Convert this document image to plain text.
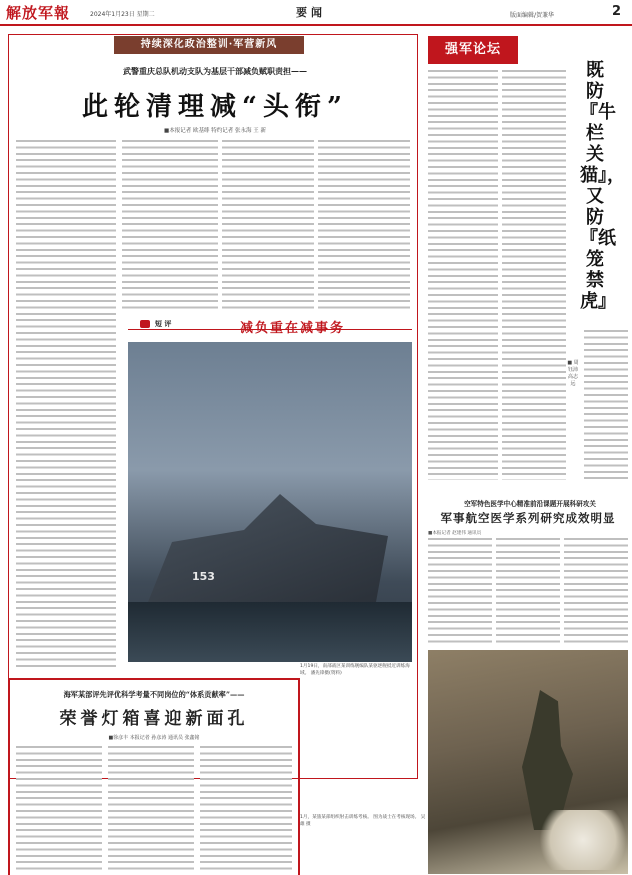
解放军報	2024年1月23日 星期二	要闻	版面编辑/贺兼华	2
持续深化政治整训·军营新风
武警重庆总队机动支队为基层干部减负赋职责担——
此轮清理减“头衔”
■本报记者 欧基绯 特约记者 张永海 王 新
短 评	减负重在减事务
153
1月19日，南部战区某训练舰编队某驱逐舰抵近训练海域。 潘先锋摄(资料)
海军某部评先评优科学考量不同岗位的“体系贡献率”——
荣誉灯箱喜迎新面孔
■徐彦丰 本报记者 孙彦涛 通讯员 张鑫铭
强军论坛
既防『牛栏关猫』，又防『纸笼禁虎』
■ 周钰沛 高志远
空军特色医学中心精准前沿课题开展科研攻关
军事航空医学系列研究成效明显
■本报记者 赵建伟 通讯员
1月，某旅某部组织射击训练考核。 图为战士在考核现场。 吴 雄 摄
